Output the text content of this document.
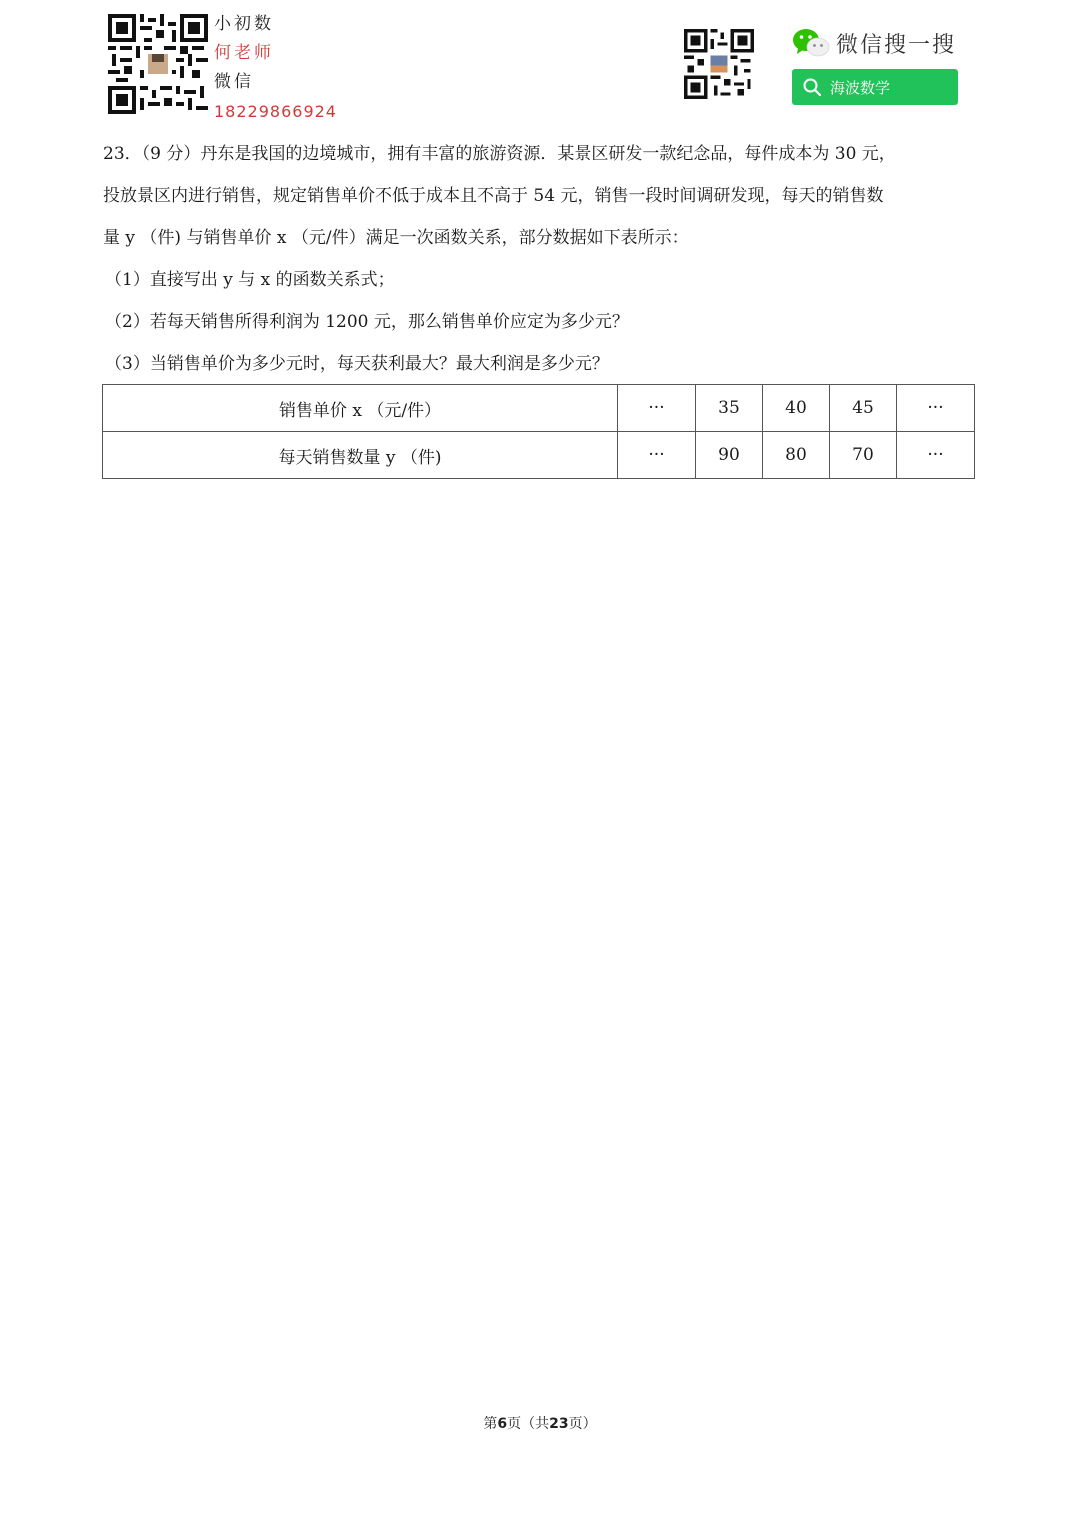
小初数
何老师
微信
18229866924
微信搜一搜
海波数学

23．（9 分）丹东是我国的边境城市，拥有丰富的旅游资源．某景区研发一款纪念品，每件成本为 30 元，

投放景区内进行销售，规定销售单价不低于成本且不高于 54 元，销售一段时间调研发现，每天的销售数

量 y （件) 与销售单价 x （元/件）满足一次函数关系，部分数据如下表所示：

（1）直接写出 y 与 x 的函数关系式；

（2）若每天销售所得利润为 1200 元，那么销售单价应定为多少元？

（3）当销售单价为多少元时，每天获利最大？最大利润是多少元？

销售单价 x （元/件）	···	35	40	45	···
每天销售数量 y （件)	···	90	80	70	···
第6页（共23页）
